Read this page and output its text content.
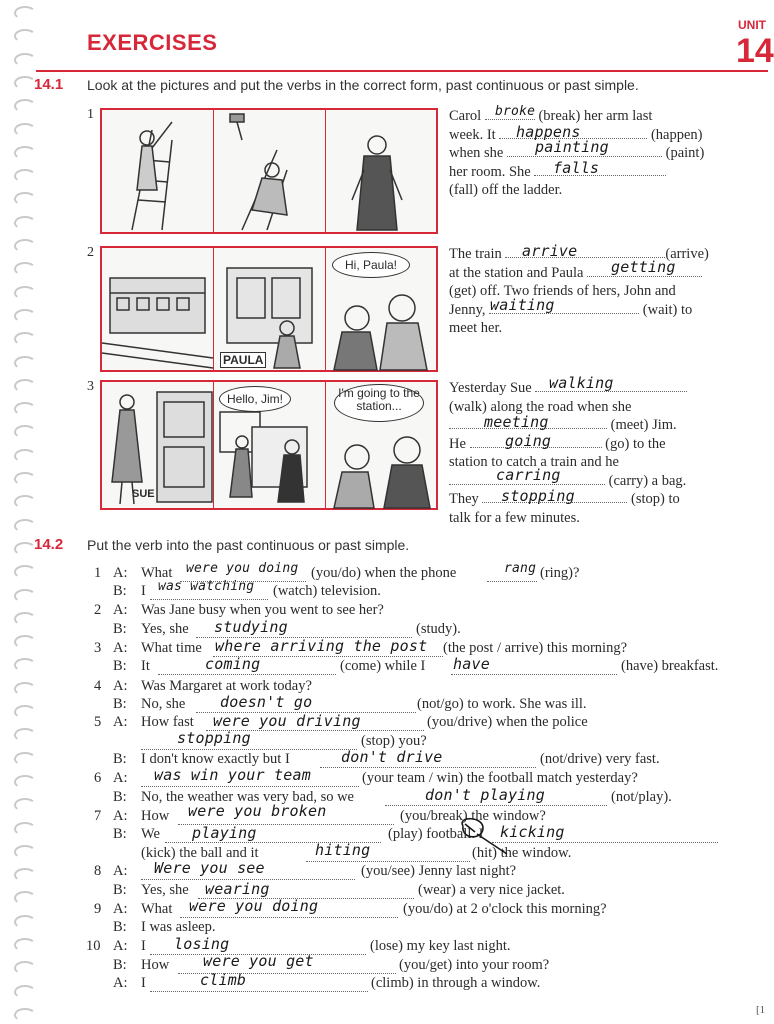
EXERCISES
UNIT
14
14.1 Look at the pictures and put the verbs in the correct form, past continuous or past simple.
1	Carol	(break) her arm last
week. It	(happen)
when she	(paint)
her room. She
(fall) off the ladder.
broke
happens
painting
falls
2
Hi, Paula!
PAULA
The train	(arrive)
at the station and Paula
(get) off. Two friends of hers, John and
Jenny,	(wait) to
meet her.
arrive
getting
waiting
3
Hello, Jim!	I'm going to the station...
SUE
Yesterday Sue
(walk) along the road when she
(meet) Jim.
He	(go) to the
station to catch a train and he
(carry) a bag.
They	(stop) to
talk for a few minutes.
walking
meeting
going
carring
stopping
14.2 Put the verb into the past continuous or past simple.
1 A: What	(you/do) when the phone	(ring)?
were you doing	rang
B: I	(watch) television.
was watching
2 A: Was Jane busy when you went to see her?
B: Yes, she	(study).
studying
3 A: What time	(the post / arrive) this morning?
where arriving the post
B: It	(come) while I	(have) breakfast.
coming	have
4 A: Was Margaret at work today?
B: No, she	(not/go) to work. She was ill.
doesn't go
5 A: How fast	(you/drive) when the police
were you driving
(stop) you?
stopping
B: I don't know exactly but I	(not/drive) very fast.
don't drive
6 A:	(your team / win) the football match yesterday?
was win your team
B: No, the weather was very bad, so we	(not/play).
don't playing
7 A: How	(you/break) the window?
were you broken
B: We	(play) football. I
playing	kicking
(kick) the ball and it	(hit) the window.
hiting
8 A:	(you/see) Jenny last night?
Were you see
B: Yes, she	(wear) a very nice jacket.
wearing
9 A: What	(you/do) at 2 o'clock this morning?
were you doing
B: I was asleep.
10 A: I	(lose) my key last night.
losing
B: How	(you/get) into your room?
were you get
A: I	(climb) in through a window.
climb
[1
